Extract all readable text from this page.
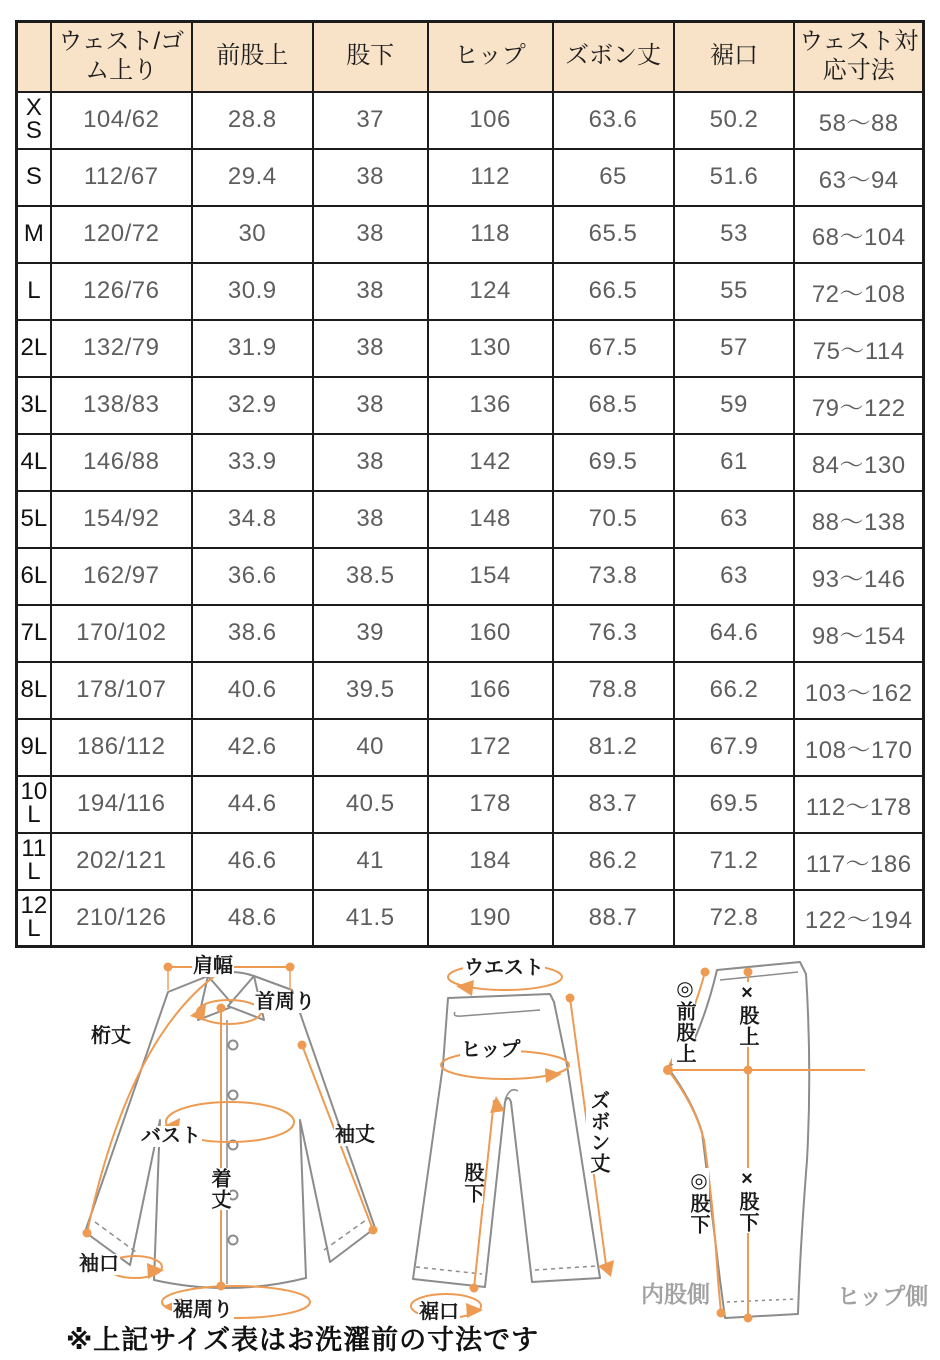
	ウェスト/ゴム上り	前股上	股下	ヒップ	ズボン丈	裾口	ウェスト対応寸法
XS	104/62	28.8	37	106	63.6	50.2	58〜88
S	112/67	29.4	38	112	65	51.6	63〜94
M	120/72	30	38	118	65.5	53	68〜104
L	126/76	30.9	38	124	66.5	55	72〜108
2L	132/79	31.9	38	130	67.5	57	75〜114
3L	138/83	32.9	38	136	68.5	59	79〜122
4L	146/88	33.9	38	142	69.5	61	84〜130
5L	154/92	34.8	38	148	70.5	63	88〜138
6L	162/97	36.6	38.5	154	73.8	63	93〜146
7L	170/102	38.6	39	160	76.3	64.6	98〜154
8L	178/107	40.6	39.5	166	78.8	66.2	103〜162
9L	186/112	42.6	40	172	81.2	67.9	108〜170
10L	194/116	44.6	40.5	178	83.7	69.5	112〜178
11L	202/121	46.6	41	184	86.2	71.2	117〜186
12L	210/126	48.6	41.5	190	88.7	72.8	122〜194
肩幅
首周り
桁丈
バスト	袖丈
着丈
袖口
裾周り
ウエスト
ヒップ
ズボン丈
股下
裾口
◎前股上 ×股上
◎股下 ×股下
内股側	ヒップ側
※上記サイズ表はお洗濯前の寸法です
